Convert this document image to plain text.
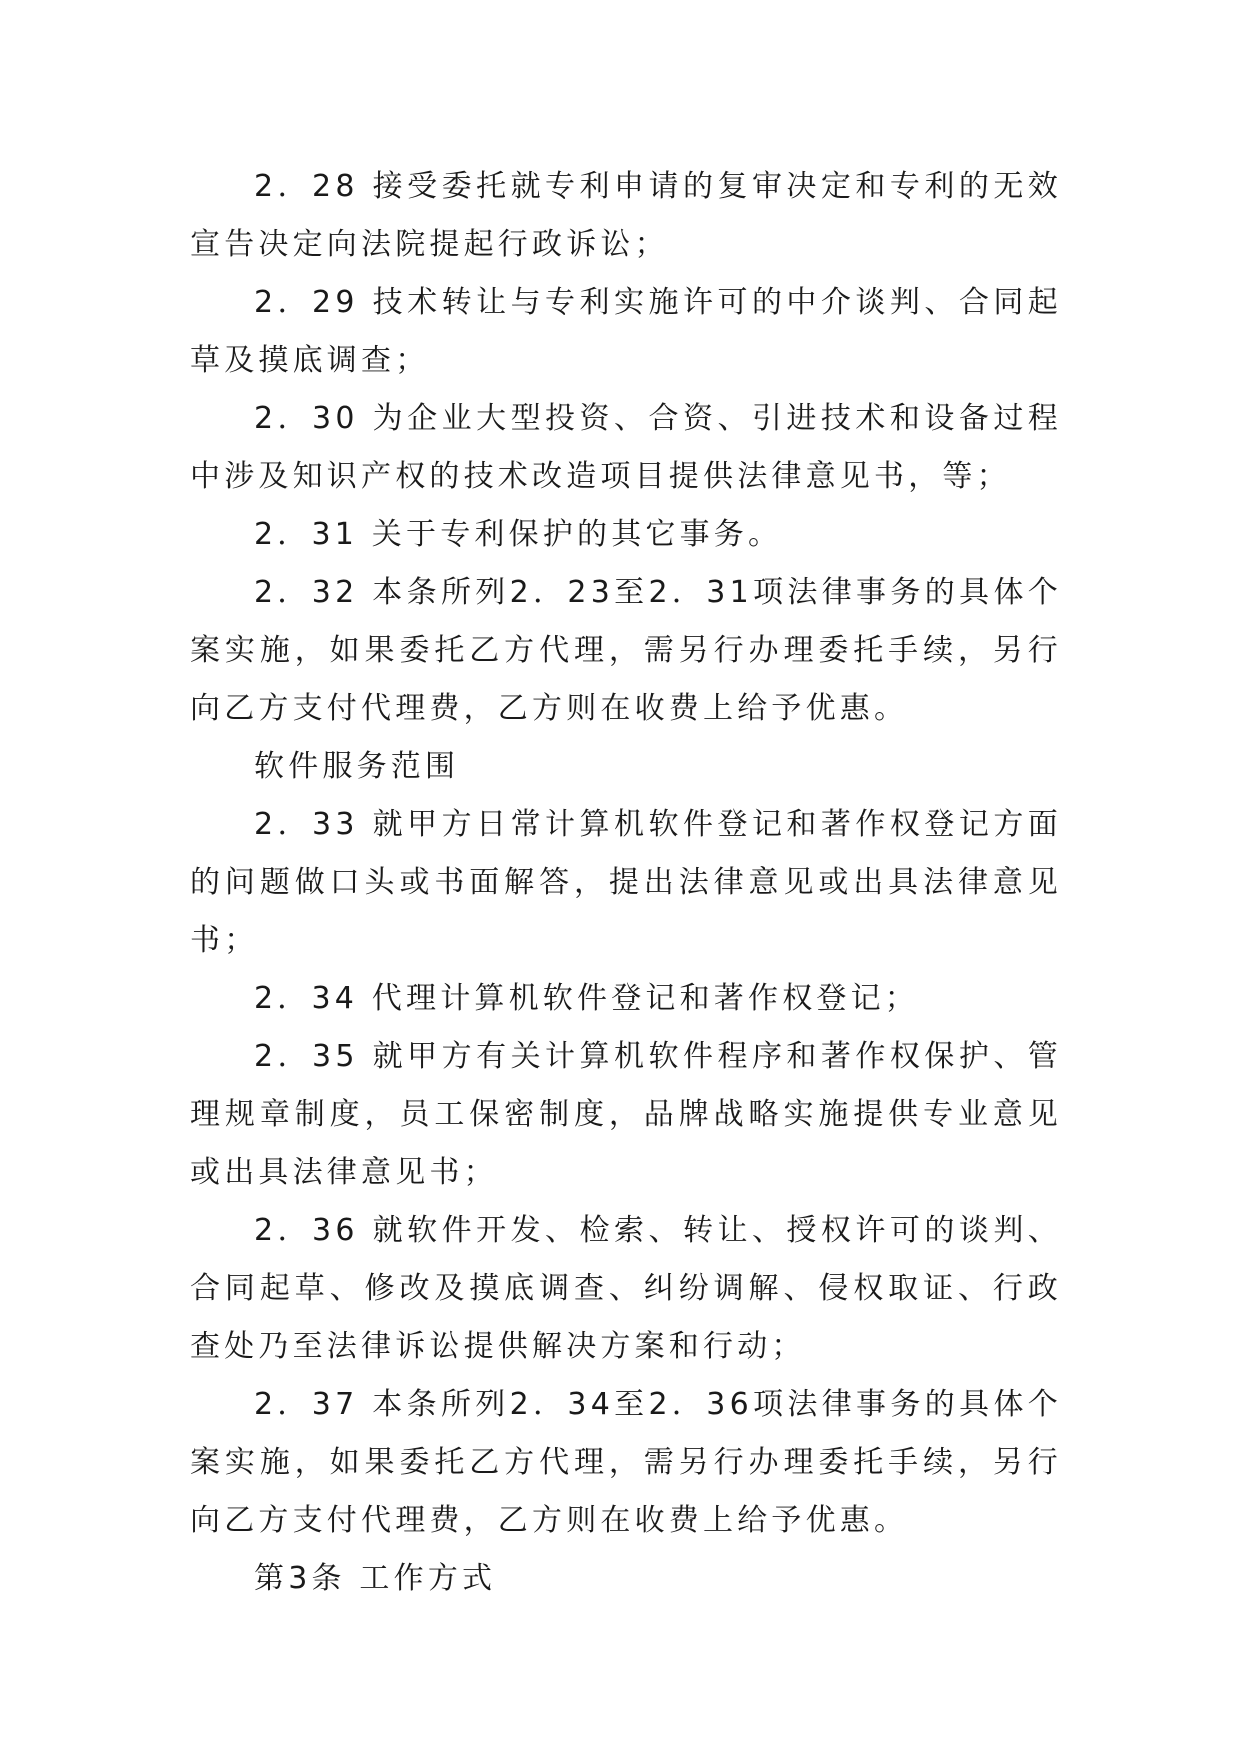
2．28 接受委托就专利申请的复审决定和专利的无效宣告决定向法院提起行政诉讼；

2．29 技术转让与专利实施许可的中介谈判、合同起草及摸底调查；

2．30 为企业大型投资、合资、引进技术和设备过程中涉及知识产权的技术改造项目提供法律意见书，等；

2．31 关于专利保护的其它事务。

2．32 本条所列2．23至2．31项法律事务的具体个案实施，如果委托乙方代理，需另行办理委托手续，另行向乙方支付代理费，乙方则在收费上给予优惠。

软件服务范围

2．33 就甲方日常计算机软件登记和著作权登记方面的问题做口头或书面解答，提出法律意见或出具法律意见书；

2．34 代理计算机软件登记和著作权登记；

2．35 就甲方有关计算机软件程序和著作权保护、管理规章制度，员工保密制度，品牌战略实施提供专业意见或出具法律意见书；

2．36 就软件开发、检索、转让、授权许可的谈判、合同起草、修改及摸底调查、纠纷调解、侵权取证、行政查处乃至法律诉讼提供解决方案和行动；

2．37 本条所列2．34至2．36项法律事务的具体个案实施，如果委托乙方代理，需另行办理委托手续，另行向乙方支付代理费，乙方则在收费上给予优惠。

第3条 工作方式
